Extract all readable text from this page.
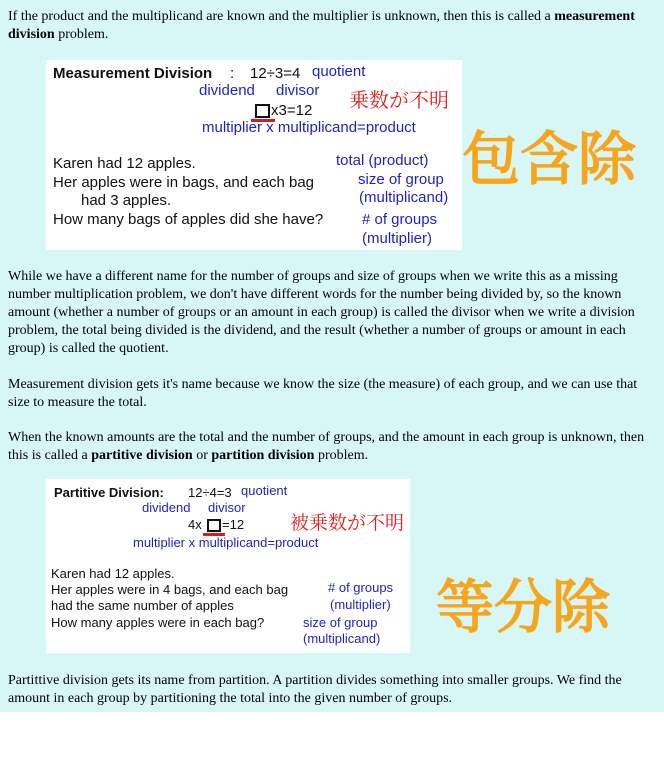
If the product and the multiplicand are known and the multiplier is unknown, then this is called a measurement division problem.

Measurement Division : 12÷3=4 quotient
dividend divisor
x3=12 乗数が不明
multiplier x multiplicand=product
Karen had 12 apples.
Her apples were in bags, and each bag
had 3 apples.
How many bags of apples did she have?
total (product)
size of group
(multiplicand)
# of groups
(multiplier)
包含除

While we have a different name for the number of groups and size of groups when we write this as a missing number multiplication problem, we don't have different words for the number being divided by, so the known amount (whether a number of groups or an amount in each group) is called the divisor when we write a division problem, the total being divided is the dividend, and the result (whether a number of groups or amount in each group) is called the quotient.

Measurement division gets it's name because we know the size (the measure) of each group, and we can use that size to measure the total.

When the known amounts are the total and the number of groups, and the amount in each group is unknown, then this is called a partitive division or partition division problem.

Partitive Division: 12÷4=3 quotient
dividend divisor
4x =12 被乗数が不明
multiplier x multiplicand=product
Karen had 12 apples.
Her apples were in 4 bags, and each bag
had the same number of apples
How many apples were in each bag?
# of groups
(multiplier)
size of group
(multiplicand) 等分除

Partittive division gets its name from partition. A partition divides something into smaller groups. We find the amount in each group by partitioning the total into the given number of groups.
